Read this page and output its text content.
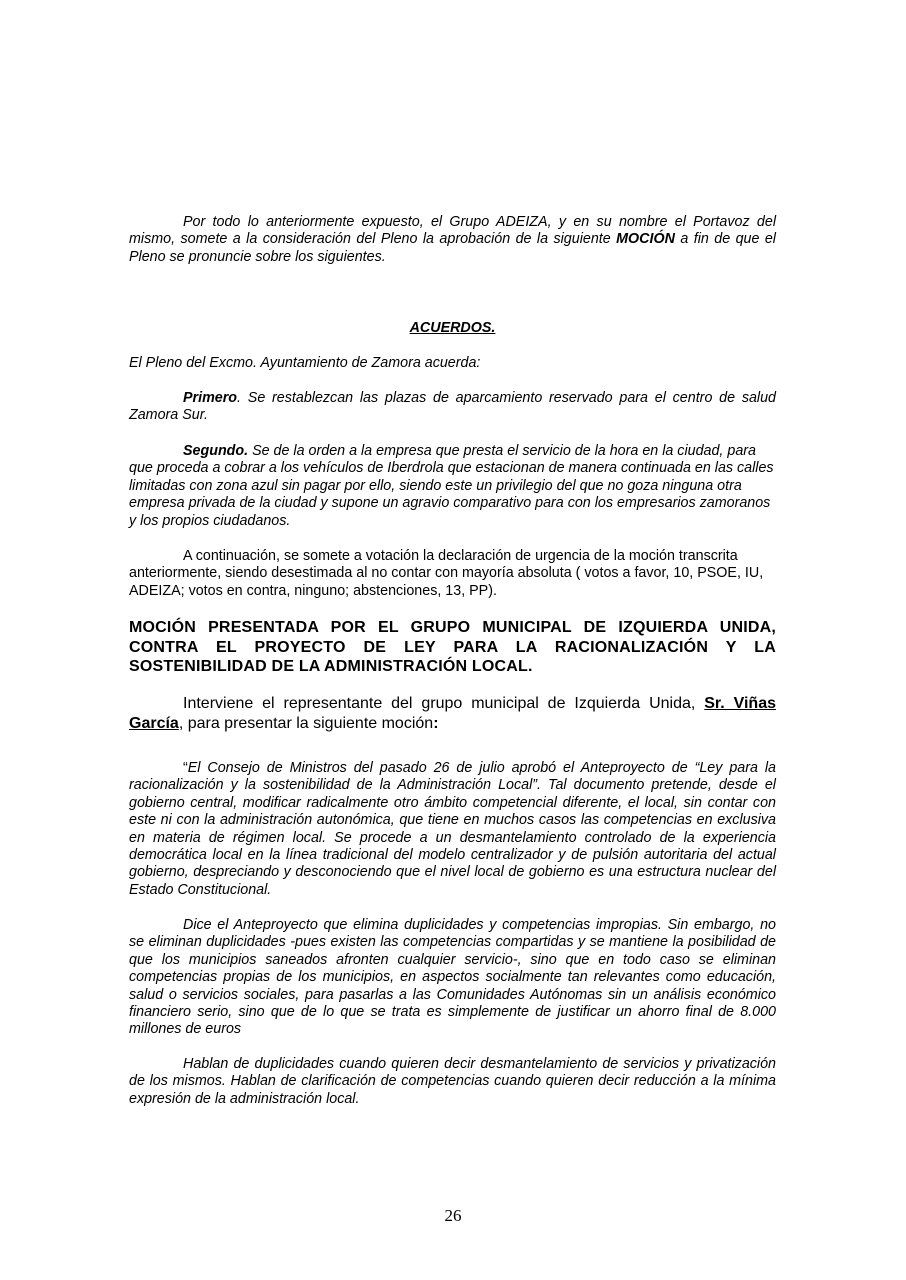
Por todo lo anteriormente expuesto, el Grupo ADEIZA, y en su nombre el Portavoz del mismo, somete a la consideración del Pleno la aprobación de la siguiente MOCIÓN a fin de que el Pleno se pronuncie sobre los siguientes.

ACUERDOS.

El Pleno del Excmo. Ayuntamiento de Zamora acuerda:

Primero. Se restablezcan las plazas de aparcamiento reservado para el centro de salud Zamora Sur.

Segundo. Se de la orden a la empresa que presta el servicio de la hora en la ciudad, para que proceda a cobrar a los vehículos de Iberdrola que estacionan de manera continuada en las calles limitadas con zona azul sin pagar por ello, siendo este un privilegio del que no goza ninguna otra empresa privada de la ciudad y supone un agravio comparativo para con los empresarios zamoranos y los propios ciudadanos.

A continuación, se somete a votación la declaración de urgencia de la moción transcrita anteriormente, siendo desestimada al no contar con mayoría absoluta ( votos a favor, 10, PSOE, IU, ADEIZA; votos en contra, ninguno; abstenciones, 13, PP).

MOCIÓN PRESENTADA POR EL GRUPO MUNICIPAL DE IZQUIERDA UNIDA, CONTRA EL PROYECTO DE LEY PARA LA RACIONALIZACIÓN Y LA SOSTENIBILIDAD DE LA ADMINISTRACIÓN LOCAL.

Interviene el representante del grupo municipal de Izquierda Unida, Sr. Viñas García, para presentar la siguiente moción:

“El Consejo de Ministros del pasado 26 de julio aprobó el Anteproyecto de “Ley para la racionalización y la sostenibilidad de la Administración Local”. Tal documento pretende, desde el gobierno central, modificar radicalmente otro ámbito competencial diferente, el local, sin contar con este ni con la administración autonómica, que tiene en muchos casos las competencias en exclusiva en materia de régimen local. Se procede a un desmantelamiento controlado de la experiencia democrática local en la línea tradicional del modelo centralizador y de pulsión autoritaria del actual gobierno, despreciando y desconociendo que el nivel local de gobierno es una estructura nuclear del Estado Constitucional.

Dice el Anteproyecto que elimina duplicidades y competencias impropias. Sin embargo, no se eliminan duplicidades -pues existen las competencias compartidas y se mantiene la posibilidad de que los municipios saneados afronten cualquier servicio-, sino que en todo caso se eliminan competencias propias de los municipios, en aspectos socialmente tan relevantes como educación, salud o servicios sociales, para pasarlas a las Comunidades Autónomas sin un análisis económico financiero serio, sino que de lo que se trata es simplemente de justificar un ahorro final de 8.000 millones de euros

Hablan de duplicidades cuando quieren decir desmantelamiento de servicios y privatización de los mismos. Hablan de clarificación de competencias cuando quieren decir reducción a la mínima expresión de la administración local.

26
